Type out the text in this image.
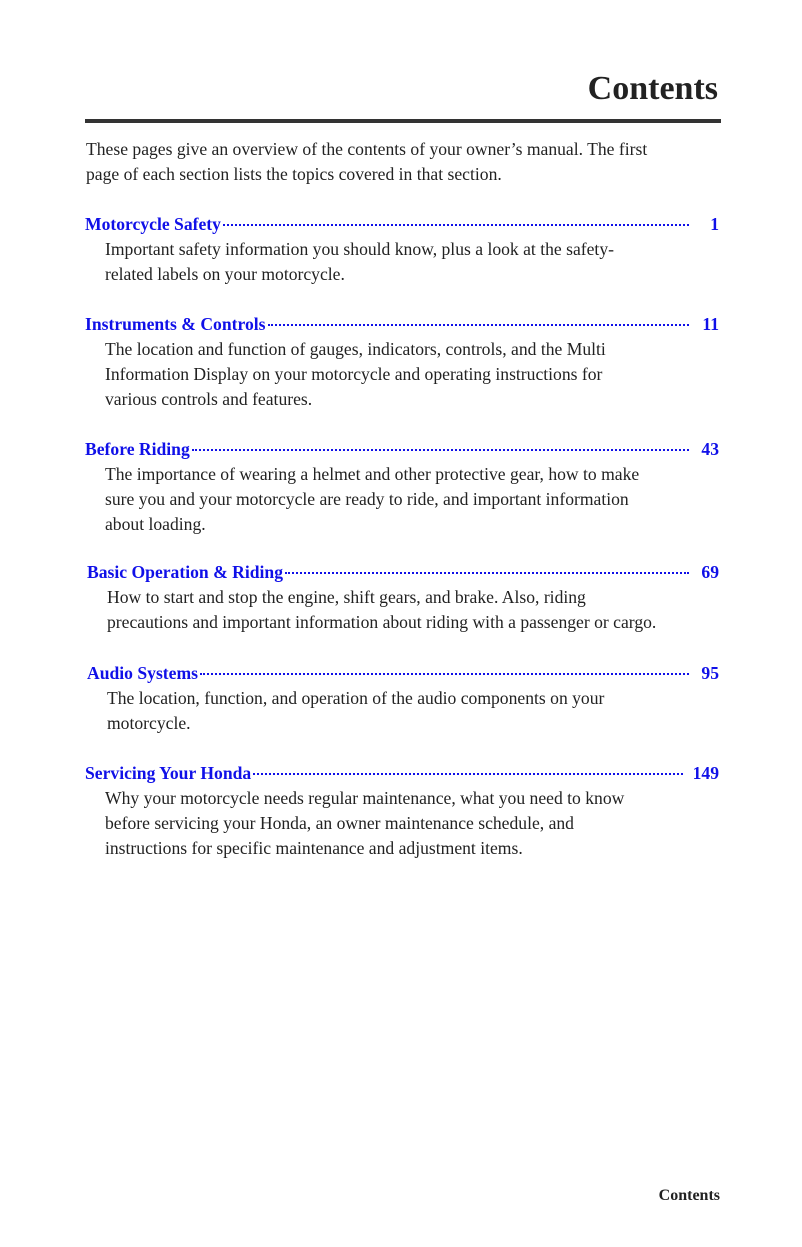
Contents
These pages give an overview of the contents of your owner’s manual. The first
page of each section lists the topics covered in that section.
Motorcycle Safety	1
Important safety information you should know, plus a look at the safety-
related labels on your motorcycle.
Instruments & Controls	11
The location and function of gauges, indicators, controls, and the Multi
Information Display on your motorcycle and operating instructions for
various controls and features.
Before Riding	43
The importance of wearing a helmet and other protective gear, how to make
sure you and your motorcycle are ready to ride, and important information
about loading.
Basic Operation & Riding	69
How to start and stop the engine, shift gears, and brake. Also, riding
precautions and important information about riding with a passenger or cargo.
Audio Systems	95
The location, function, and operation of the audio components on your
motorcycle.
Servicing Your Honda	149
Why your motorcycle needs regular maintenance, what you need to know
before servicing your Honda, an owner maintenance schedule, and
instructions for specific maintenance and adjustment items.
Contents
